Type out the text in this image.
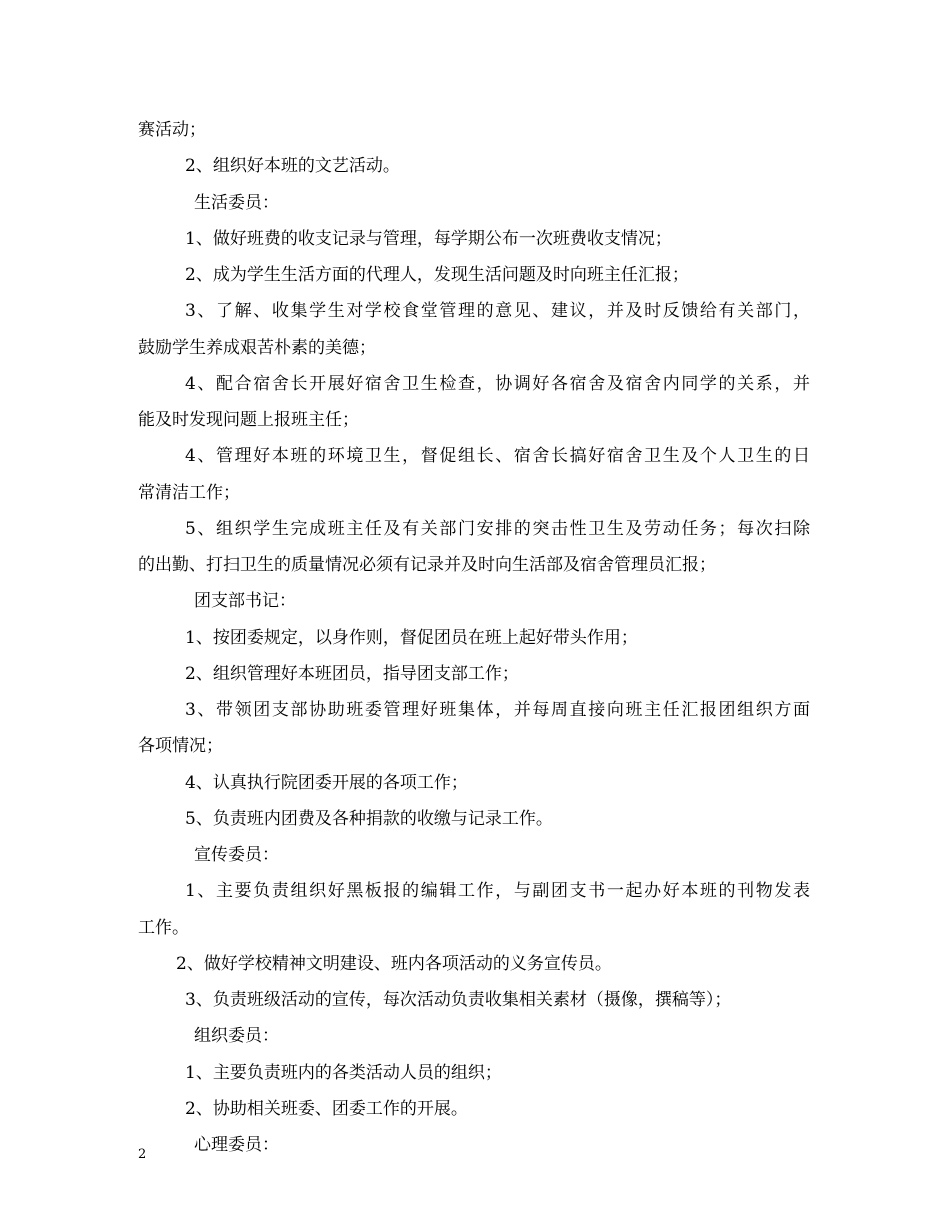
赛活动；
2、组织好本班的文艺活动。
生活委员：
1、做好班费的收支记录与管理，每学期公布一次班费收支情况；
2、成为学生生活方面的代理人，发现生活问题及时向班主任汇报；
3、了解、收集学生对学校食堂管理的意见、建议，并及时反馈给有关部门，
鼓励学生养成艰苦朴素的美德；
4、配合宿舍长开展好宿舍卫生检查，协调好各宿舍及宿舍内同学的关系，并
能及时发现问题上报班主任；
4、管理好本班的环境卫生，督促组长、宿舍长搞好宿舍卫生及个人卫生的日
常清洁工作；
5、组织学生完成班主任及有关部门安排的突击性卫生及劳动任务；每次扫除
的出勤、打扫卫生的质量情况必须有记录并及时向生活部及宿舍管理员汇报；
团支部书记：
1、按团委规定，以身作则，督促团员在班上起好带头作用；
2、组织管理好本班团员，指导团支部工作；
3、带领团支部协助班委管理好班集体，并每周直接向班主任汇报团组织方面
各项情况；
4、认真执行院团委开展的各项工作；
5、负责班内团费及各种捐款的收缴与记录工作。
宣传委员：
1、主要负责组织好黑板报的编辑工作，与副团支书一起办好本班的刊物发表
工作。
2、做好学校精神文明建设、班内各项活动的义务宣传员。
3、负责班级活动的宣传，每次活动负责收集相关素材（摄像，撰稿等）；
组织委员：
1、主要负责班内的各类活动人员的组织；
2、协助相关班委、团委工作的开展。
心理委员：
2
